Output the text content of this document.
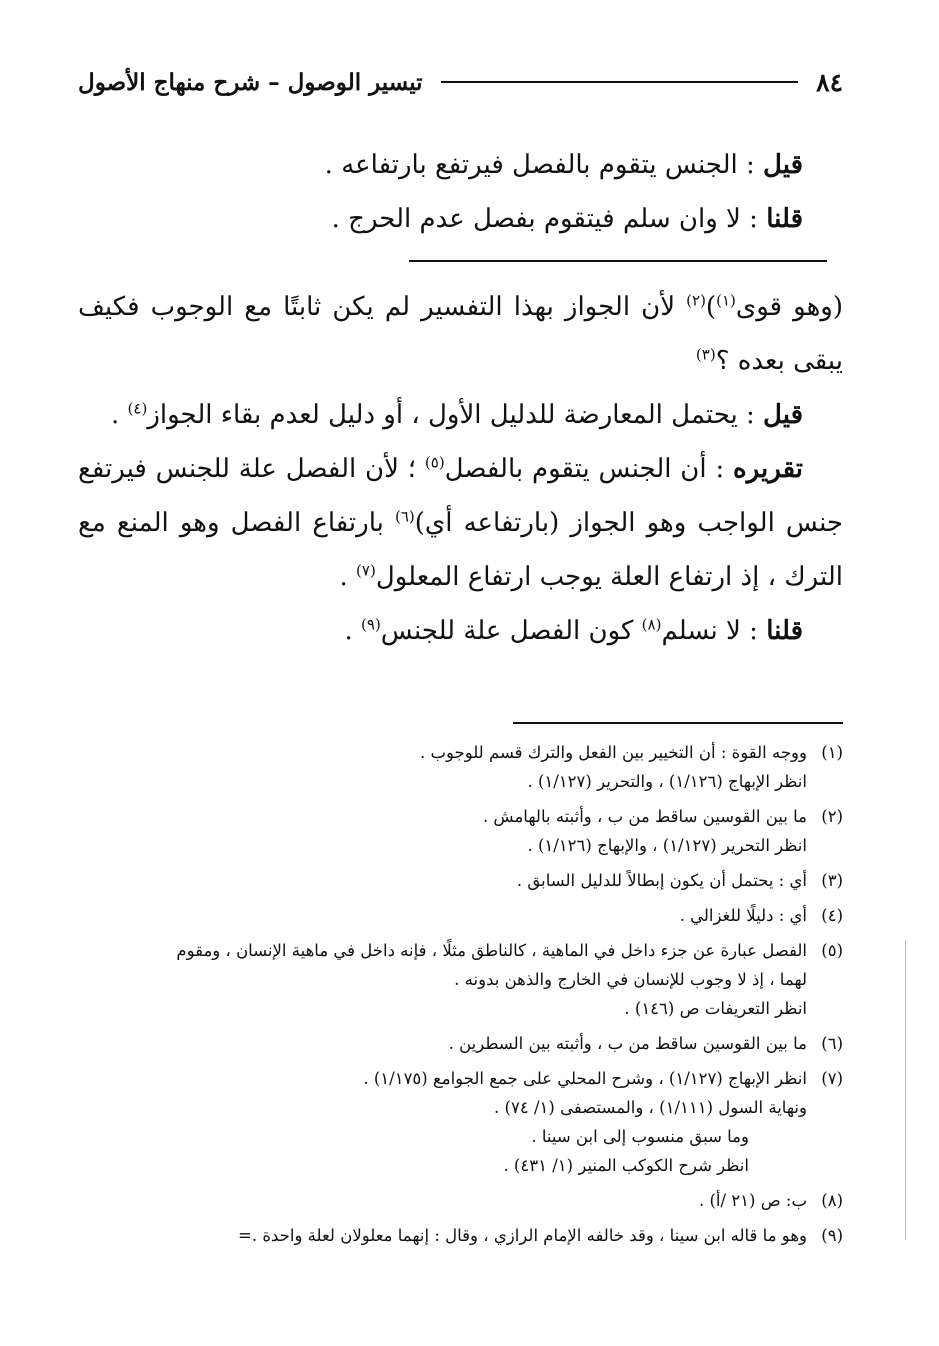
٨٤
تيسير الوصول – شرح منهاج الأصول

قيل : الجنس يتقوم بالفصل فيرتفع بارتفاعه .

قلنا : لا وان سلم فيتقوم بفصل عدم الحرج .

(وهو قوى$^{(١)}$)$^{(٢)}$ لأن الجواز بهذا التفسير لم يكن ثابتًا مع الوجوب فكيف يبقى بعده ؟$^{(٣)}$

قيل : يحتمل المعارضة للدليل الأول ، أو دليل لعدم بقاء الجواز$^{(٤)}$ .

تقريره : أن الجنس يتقوم بالفصل$^{(٥)}$ ؛ لأن الفصل علة للجنس فيرتفع جنس الواجب وهو الجواز (بارتفاعه أي)$^{(٦)}$ بارتفاع الفصل وهو المنع مع الترك ، إذ ارتفاع العلة يوجب ارتفاع المعلول$^{(٧)}$ .

قلنا : لا نسلم$^{(٨)}$ كون الفصل علة للجنس$^{(٩)}$ .

(١)
ووجه القوة : أن التخيير بين الفعل والترك قسم للوجوب .
انظر الإبهاج (١/١٢٦) ، والتحرير (١/١٢٧) .
(٢)
ما بين القوسين ساقط من ب ، وأثبته بالهامش .
انظر التحرير (١/١٢٧) ، والإبهاج (١/١٢٦) .
(٣)
أي : يحتمل أن يكون إبطالاً للدليل السابق .
(٤)
أي : دليلًا للغزالي .
(٥)
الفصل عبارة عن جزء داخل في الماهية ، كالناطق مثلًا ، فإنه داخل في ماهية الإنسان ، ومقوم
لهما ، إذ لا وجوب للإنسان في الخارج والذهن بدونه .
انظر التعريفات ص (١٤٦) .
(٦)
ما بين القوسين ساقط من ب ، وأثبته بين السطرين .
(٧)
انظر الإبهاج (١/١٢٧) ، وشرح المحلي على جمع الجوامع (١/١٧٥) .
ونهاية السول (١/١١١) ، والمستصفى (١/ ٧٤) .
وما سبق منسوب إلى ابن سينا .
انظر شرح الكوكب المنير (١/ ٤٣١) .
(٨)
ب: ص (٢١ /أ) .
(٩)
وهو ما قاله ابن سينا ، وقد خالفه الإمام الرازي ، وقال : إنهما معلولان لعلة واحدة .=
